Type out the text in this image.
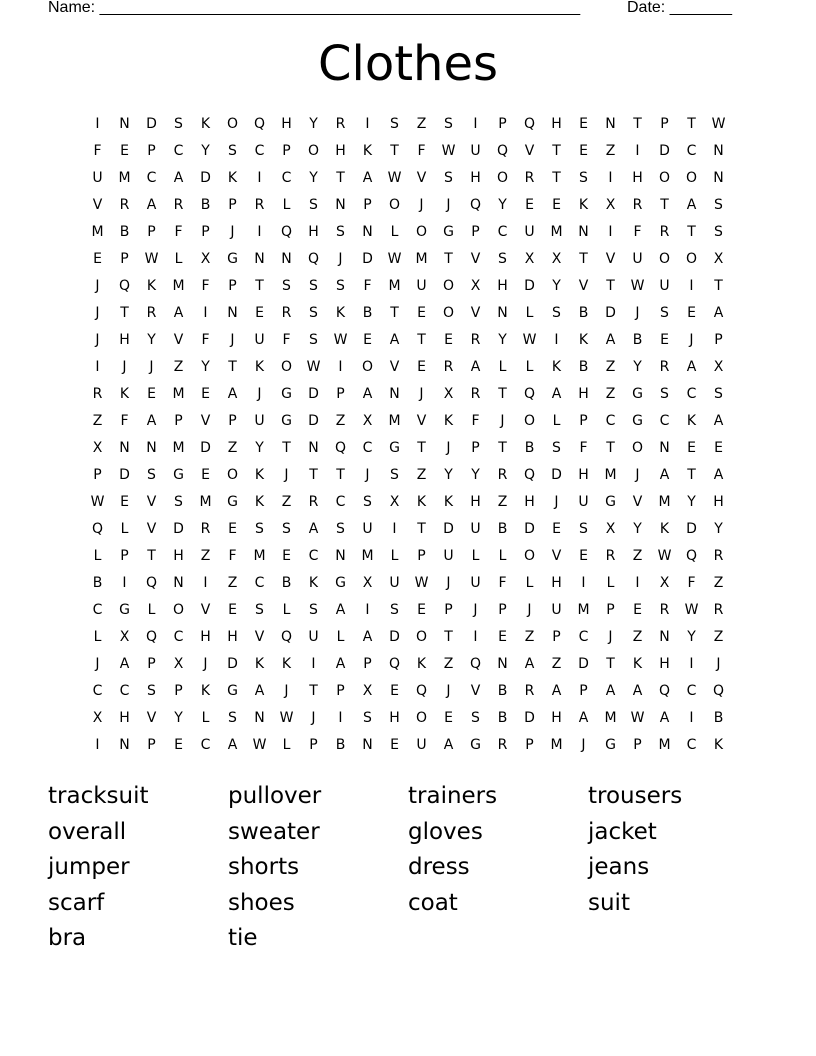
Name: ______________________________________________________	Date: _______
Clothes
I	N	D	S	K	O	Q	H	Y	R	I	S	Z	S	I	P	Q	H	E	N	T	P	T	W
F	E	P	C	Y	S	C	P	O	H	K	T	F	W	U	Q	V	T	E	Z	I	D	C	N
U	M	C	A	D	K	I	C	Y	T	A	W	V	S	H	O	R	T	S	I	H	O	O	N
V	R	A	R	B	P	R	L	S	N	P	O	J	J	Q	Y	E	E	K	X	R	T	A	S
M	B	P	F	P	J	I	Q	H	S	N	L	O	G	P	C	U	M	N	I	F	R	T	S
E	P	W	L	X	G	N	N	Q	J	D	W	M	T	V	S	X	X	T	V	U	O	O	X
J	Q	K	M	F	P	T	S	S	S	F	M	U	O	X	H	D	Y	V	T	W	U	I	T
J	T	R	A	I	N	E	R	S	K	B	T	E	O	V	N	L	S	B	D	J	S	E	A
J	H	Y	V	F	J	U	F	S	W	E	A	T	E	R	Y	W	I	K	A	B	E	J	P
I	J	J	Z	Y	T	K	O	W	I	O	V	E	R	A	L	L	K	B	Z	Y	R	A	X
R	K	E	M	E	A	J	G	D	P	A	N	J	X	R	T	Q	A	H	Z	G	S	C	S
Z	F	A	P	V	P	U	G	D	Z	X	M	V	K	F	J	O	L	P	C	G	C	K	A
X	N	N	M	D	Z	Y	T	N	Q	C	G	T	J	P	T	B	S	F	T	O	N	E	E
P	D	S	G	E	O	K	J	T	T	J	S	Z	Y	Y	R	Q	D	H	M	J	A	T	A
W	E	V	S	M	G	K	Z	R	C	S	X	K	K	H	Z	H	J	U	G	V	M	Y	H
Q	L	V	D	R	E	S	S	A	S	U	I	T	D	U	B	D	E	S	X	Y	K	D	Y
L	P	T	H	Z	F	M	E	C	N	M	L	P	U	L	L	O	V	E	R	Z	W	Q	R
B	I	Q	N	I	Z	C	B	K	G	X	U	W	J	U	F	L	H	I	L	I	X	F	Z
C	G	L	O	V	E	S	L	S	A	I	S	E	P	J	P	J	U	M	P	E	R	W	R
L	X	Q	C	H	H	V	Q	U	L	A	D	O	T	I	E	Z	P	C	J	Z	N	Y	Z
J	A	P	X	J	D	K	K	I	A	P	Q	K	Z	Q	N	A	Z	D	T	K	H	I	J
C	C	S	P	K	G	A	J	T	P	X	E	Q	J	V	B	R	A	P	A	A	Q	C	Q
X	H	V	Y	L	S	N	W	J	I	S	H	O	E	S	B	D	H	A	M	W	A	I	B
I	N	P	E	C	A	W	L	P	B	N	E	U	A	G	R	P	M	J	G	P	M	C	K
tracksuit	pullover	trainers	trousers
overall	sweater	gloves	jacket
jumper	shorts	dress	jeans
scarf	shoes	coat	suit
bra	tie
